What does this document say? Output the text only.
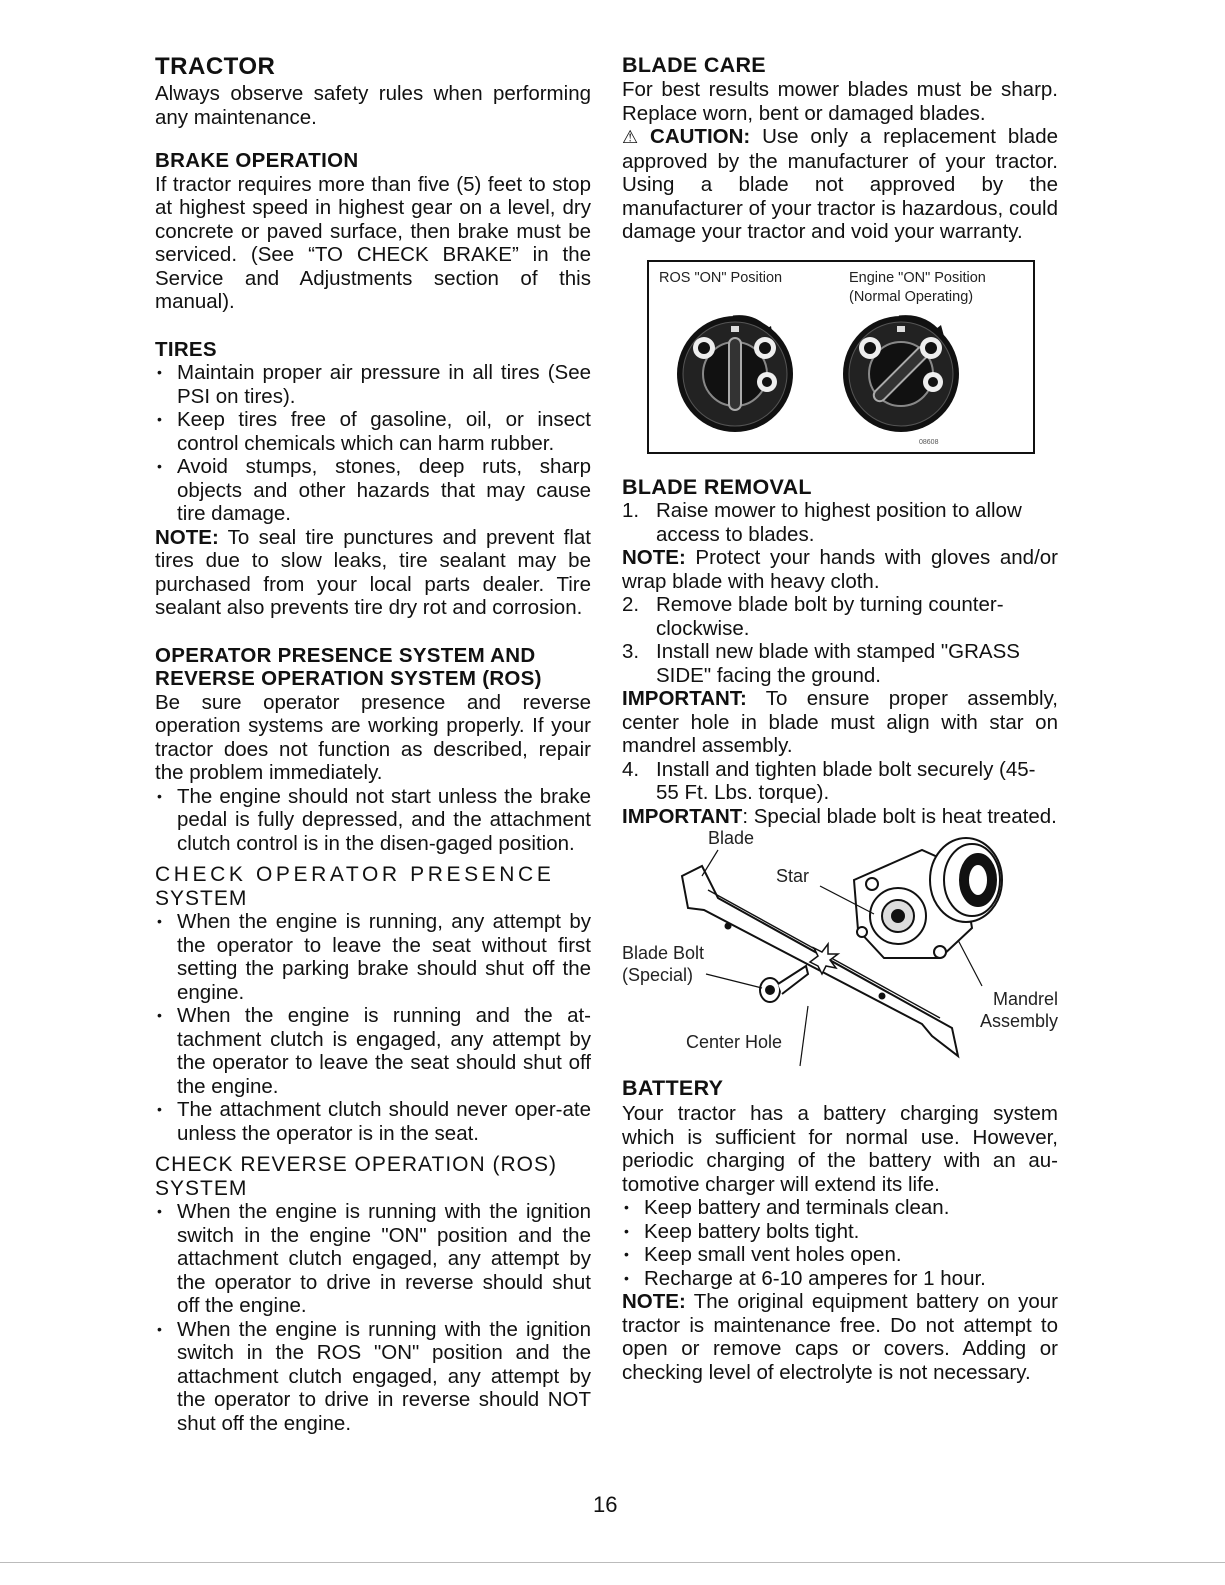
TRACTOR

Always observe safety rules when performing any maintenance.

BRAKE OPERATION

If tractor requires more than five (5) feet to stop at highest speed in highest gear on a level, dry concrete or paved surface, then brake must be serviced. (See “TO CHECK BRAKE” in the Service and Adjustments section of this manual).

TIRES
• Maintain proper air pressure in all tires (See PSI on tires).
• Keep tires free of gasoline, oil, or insect control chemicals which can harm rubber.
• Avoid stumps, stones, deep ruts, sharp objects and other hazards that may cause tire damage.

NOTE: To seal tire punctures and prevent flat tires due to slow leaks, tire sealant may be purchased from your local parts dealer. Tire sealant also prevents tire dry rot and corrosion.

OPERATOR PRESENCE SYSTEM AND
REVERSE OPERATION SYSTEM (ROS)

Be sure operator presence and reverse operation systems are working properly. If your tractor does not function as described, repair the problem immediately.

• The engine should not start unless the brake pedal is fully depressed, and the attachment clutch control is in the disen-gaged position.
CHECK OPERATOR PRESENCE
SYSTEM
• When the engine is running, any attempt by the operator to leave the seat without first setting the parking brake should shut off the engine.
• When the engine is running and the at-tachment clutch is engaged, any attempt by the operator to leave the seat should shut off the engine.
• The attachment clutch should never oper-ate unless the operator is in the seat.
CHECK REVERSE OPERATION (ROS)
SYSTEM
• When the engine is running with the ignition switch in the engine "ON" position and the attachment clutch engaged, any attempt by the operator to drive in reverse should shut off the engine.
• When the engine is running with the ignition switch in the ROS "ON" position and the attachment clutch engaged, any attempt by the operator to drive in reverse should NOT shut off the engine.
BLADE CARE

For best results mower blades must be sharp. Replace worn, bent or damaged blades.

⚠ CAUTION: Use only a replacement blade approved by the manufacturer of your tractor. Using a blade not approved by the manufacturer of your tractor is hazardous, could damage your tractor and void your warranty.

ROS "ON" Position	Engine "ON" Position
(Normal Operating)
08608
BLADE REMOVAL
1. Raise mower to highest position to allow access to blades.

NOTE: Protect your hands with gloves and/or wrap blade with heavy cloth.

2. Remove blade bolt by turning counter-clockwise.
3. Install new blade with stamped "GRASS SIDE" facing the ground.

IMPORTANT: To ensure proper assembly, center hole in blade must align with star on mandrel assembly.

4. Install and tighten blade bolt securely (45-55 Ft. Lbs. torque).

IMPORTANT: Special blade bolt is heat treated.

Blade
Star
Blade Bolt
(Special)
Mandrel
Assembly
Center Hole
BATTERY

Your tractor has a battery charging system which is sufficient for normal use. However, periodic charging of the battery with an au-tomotive charger will extend its life.

• Keep battery and terminals clean.
• Keep battery bolts tight.
• Keep small vent holes open.
• Recharge at 6-10 amperes for 1 hour.

NOTE: The original equipment battery on your tractor is maintenance free. Do not attempt to open or remove caps or covers. Adding or checking level of electrolyte is not necessary.

16
